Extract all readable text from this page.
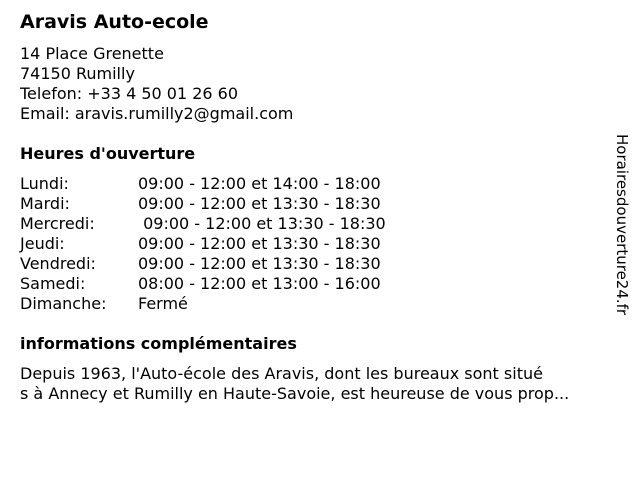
Aravis Auto-ecole
14 Place Grenette
74150 Rumilly
Telefon: +33 4 50 01 26 60
Email: aravis.rumilly2@gmail.com
Heures d'ouverture
Lundi:	09:00 - 12:00 et 14:00 - 18:00
Mardi:	09:00 - 12:00 et 13:30 - 18:30
Mercredi:	09:00 - 12:00 et 13:30 - 18:30
Jeudi:	09:00 - 12:00 et 13:30 - 18:30
Vendredi:	09:00 - 12:00 et 13:30 - 18:30
Samedi:	08:00 - 12:00 et 13:00 - 16:00
Dimanche: Fermé
informations complémentaires
Depuis 1963, l'Auto-école des Aravis, dont les bureaux sont situé
s à Annecy et Rumilly en Haute-Savoie, est heureuse de vous prop...
Horairesdouverture24.fr
